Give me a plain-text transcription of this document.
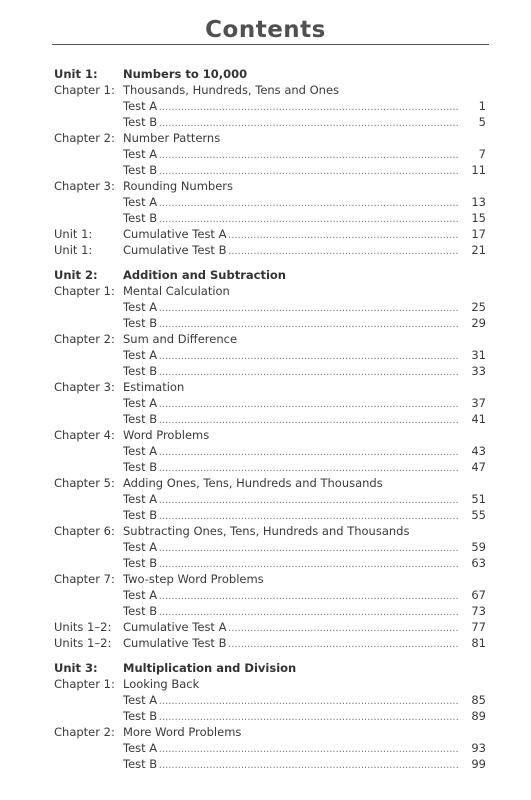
Contents
Unit 1: Numbers to 10,000
Chapter 1: Thousands, Hundreds, Tens and Ones
Test A . . .	1
Test B . . .	5
Chapter 2: Number Patterns
Test A . . .	7
Test B . . .	11
Chapter 3: Rounding Numbers
Test A . . .	13
Test B . . .	15
Unit 1:	Cumulative Test A . . .	17
Unit 1:	Cumulative Test B . . .	21
Unit 2: Addition and Subtraction
Chapter 1: Mental Calculation
Test A . . .	25
Test B . . .	29
Chapter 2: Sum and Difference
Test A . . .	31
Test B . . .	33
Chapter 3: Estimation
Test A . . .	37
Test B . . .	41
Chapter 4: Word Problems
Test A . . .	43
Test B . . .	47
Chapter 5: Adding Ones, Tens, Hundreds and Thousands
Test A . . .	51
Test B . . .	55
Chapter 6: Subtracting Ones, Tens, Hundreds and Thousands
Test A . . .	59
Test B . . .	63
Chapter 7: Two-step Word Problems
Test A . . .	67
Test B . . .	73
Units 1–2: Cumulative Test A . . .	77
Units 1–2: Cumulative Test B . . .	81
Unit 3: Multiplication and Division
Chapter 1: Looking Back
Test A . . .	85
Test B . . .	89
Chapter 2: More Word Problems
Test A . . .	93
Test B . . .	99
